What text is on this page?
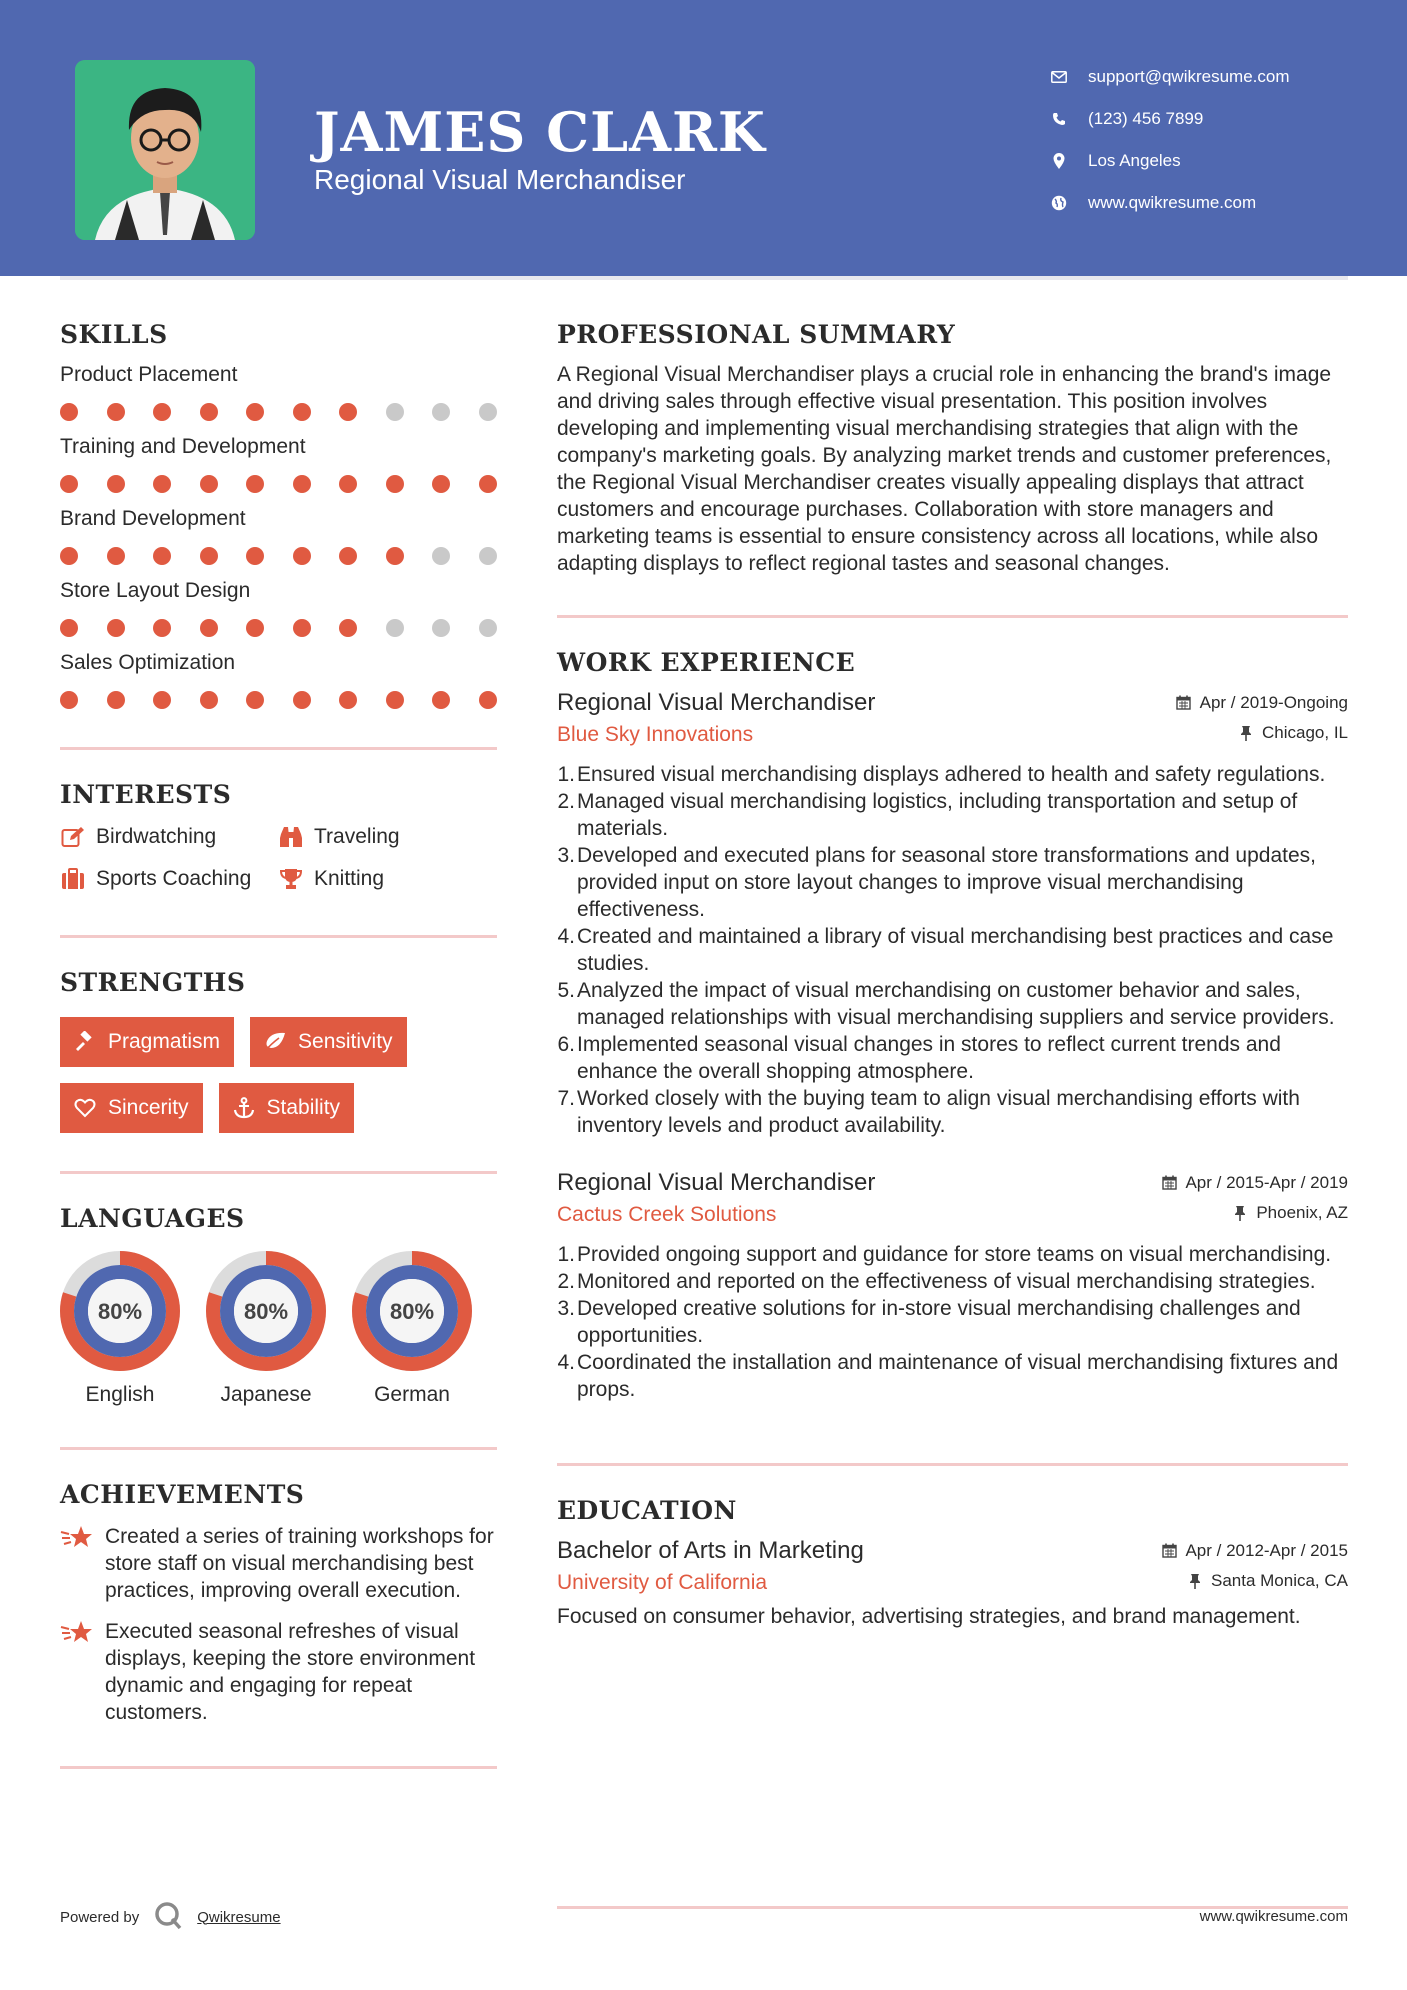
JAMES CLARK
Regional Visual Merchandiser
support@qwikresume.com
(123) 456 7899
Los Angeles
www.qwikresume.com
SKILLS
Product Placement
Training and Development
Brand Development
Store Layout Design
Sales Optimization
INTERESTS
Birdwatching	Traveling
Sports Coaching	Knitting
STRENGTHS
Pragmatism	Sensitivity
Sincerity	Stability
LANGUAGES
80%
English
80%
Japanese
80%
German
ACHIEVEMENTS
Created a series of training workshops for store staff on visual merchandising best practices, improving overall execution.
Executed seasonal refreshes of visual displays, keeping the store environment dynamic and engaging for repeat customers.
PROFESSIONAL SUMMARY

A Regional Visual Merchandiser plays a crucial role in enhancing the brand's image and driving sales through effective visual presentation. This position involves developing and implementing visual merchandising strategies that align with the company's marketing goals. By analyzing market trends and customer preferences, the Regional Visual Merchandiser creates visually appealing displays that attract customers and encourage purchases. Collaboration with store managers and marketing teams is essential to ensure consistency across all locations, while also adapting displays to reflect regional tastes and seasonal changes.

WORK EXPERIENCE
Regional Visual Merchandiser	Apr / 2019-Ongoing
Blue Sky Innovations	Chicago, IL
1. Ensured visual merchandising displays adhered to health and safety regulations.
2. Managed visual merchandising logistics, including transportation and setup of materials.
3. Developed and executed plans for seasonal store transformations and updates, provided input on store layout changes to improve visual merchandising effectiveness.
4. Created and maintained a library of visual merchandising best practices and case studies.
5. Analyzed the impact of visual merchandising on customer behavior and sales, managed relationships with visual merchandising suppliers and service providers.
6. Implemented seasonal visual changes in stores to reflect current trends and enhance the overall shopping atmosphere.
7. Worked closely with the buying team to align visual merchandising efforts with inventory levels and product availability.
Regional Visual Merchandiser	Apr / 2015-Apr / 2019
Cactus Creek Solutions	Phoenix, AZ
1. Provided ongoing support and guidance for store teams on visual merchandising.
2. Monitored and reported on the effectiveness of visual merchandising strategies.
3. Developed creative solutions for in-store visual merchandising challenges and opportunities.
4. Coordinated the installation and maintenance of visual merchandising fixtures and props.
EDUCATION
Bachelor of Arts in Marketing	Apr / 2012-Apr / 2015
University of California	Santa Monica, CA

Focused on consumer behavior, advertising strategies, and brand management.

Powered by	Qwikresume	www.qwikresume.com
